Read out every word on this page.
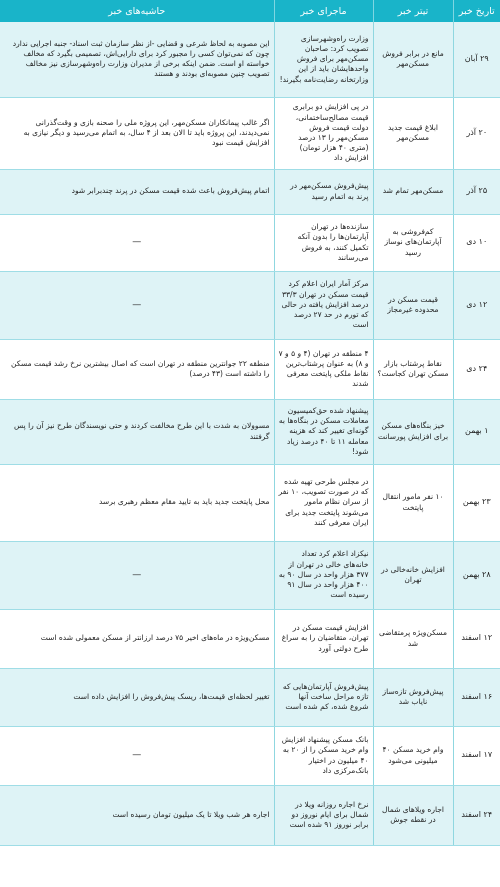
تاریخ خبر	تیتر خبر	ماجرای خبر	حاشیه‌های خبر
۲۹ آبان	مانع در برابر فروش مسکن‌مهر	وزارت راه‌وشهرسازی تصویب کرد: صاحبان مسکن‌مهر برای فروش واحدهایشان باید از این وزارتخانه رضایت‌نامه بگیرند!	این مصوبه به لحاظ شرعی و قضایی -از نظر سازمان ثبت اسناد- جنبه اجرایی ندارد چون که نمی‌توان کسی را مجبور کرد برای دارایی‌اش، تصمیمی بگیرد که مخالف خواسته او است. ضمن اینکه برخی از مدیران وزارت راه‌وشهرسازی نیز مخالف تصویب چنین مصوبه‌ای بودند و هستند
۲۰ آذر	ابلاغ قیمت جدید مسکن‌مهر	در پی افزایش دو برابری قیمت مصالح‌ساختمانی، دولت قیمت فروش مسکن‌مهر را ۱۳ درصد (متری ۴۰ هزار تومان) افزایش داد	اگر غالب پیمانکاران مسکن‌مهر، این پروژه ملی را صحنه بازی و وقت‌گذرانی نمی‌دیدند، این پروژه باید تا الان بعد از ۴ سال، به اتمام می‌رسید و دیگر نیازی به افزایش قیمت نبود
۲۵ آذر	مسکن‌مهر تمام شد	پیش‌فروش مسکن‌مهر در پرند به اتمام رسید	اتمام پیش‌فروش باعث شده قیمت مسکن در پرند چندبرابر شود
۱۰ دی	کم‌فروشی به آپارتمان‌های نوساز رسید	سازنده‌ها در تهران آپارتمان‌ها را بدون آنکه تکمیل کنند، به فروش می‌رسانند	—
۱۲ دی	قیمت مسکن در محدوده غیرمجاز	مرکز آمار ایران اعلام کرد قیمت مسکن در تهران ۳۳/۳ درصد افزایش یافته در حالی که تورم در حد ۲۷ درصد است	—
۲۴ دی	نقاط پرشتاب بازار مسکن تهران کجاست؟	۴ منطقه در تهران (۴ و ۵ و ۷ و ۸) به عنوان پرشتاب‌ترین نقاط ملکی پایتخت معرفی شدند	منطقه ۲۲ جوانترین منطقه در تهران است که اصال بیشترین نرخ رشد قیمت مسکن را داشته است (۴۳ درصد)
۱ بهمن	خیز بنگاه‌های مسکن برای افزایش پورسانت	پیشنهاد شده حق‌کمیسیون معاملات مسکن در بنگاه‌ها به گونه‌ای تغییر کند که هزینه معامله ۱۱ تا ۴۰ درصد زیاد شود!	مسوولان به شدت با این طرح مخالفت کردند و حتی نویسندگان طرح نیز آن را پس گرفتند
۲۳ بهمن	۱۰ نفر مامور انتقال پایتخت	در مجلس طرحی تهیه شده که در صورت تصویب، ۱۰ نفر از سران نظام مامور می‌شوند پایتخت جدید برای ایران معرفی کنند	محل پایتخت جدید باید به تایید مقام معظم رهبری برسد
۲۸ بهمن	افزایش خانه‌خالی در تهران	نیکزاد اعلام کرد تعداد خانه‌های خالی در تهران از ۳۷۷ هزار واحد در سال ۹۰ به ۴۰۰ هزار واحد در سال ۹۱ رسیده است	—
۱۲ اسفند	مسکن‌ویژه پرمتقاضی شد	افزایش قیمت مسکن در تهران، متقاضیان را به سراغ طرح دولتی آورد	مسکن‌ویژه در ماه‌های اخیر ۷۵ درصد ارزانتر از مسکن معمولی شده است
۱۶ اسفند	پیش‌فروش تازه‌ساز نایاب شد	پیش‌فروش آپارتمان‌هایی که تازه مراحل ساخت آنها شروع شده، کم شده است	تغییر لحظه‌ای قیمت‌ها، ریسک پیش‌فروش را افزایش داده است
۱۷ اسفند	وام خرید مسکن ۴۰ میلیونی می‌شود	بانک مسکن پیشنهاد افزایش وام خرید مسکن را از ۲۰ به ۴۰ میلیون در اختیار بانک‌مرکزی داد	—
۲۴ اسفند	اجاره ویلاهای شمال در نقطه جوش	نرخ اجاره روزانه ویلا در شمال برای ایام نوروز دو برابر نوروز ۹۱ شده است	اجاره هر شب ویلا تا یک میلیون تومان رسیده است
